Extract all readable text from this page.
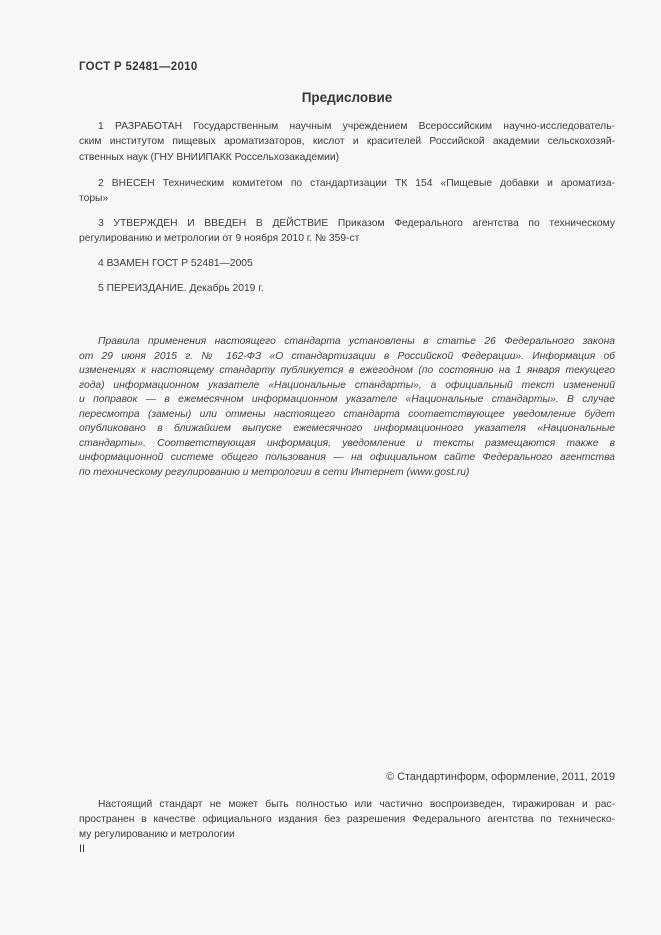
ГОСТ Р 52481—2010
Предисловие
1 РАЗРАБОТАН Государственным научным учреждением Всероссийским научно-исследователь-
ским институтом пищевых ароматизаторов, кислот и красителей Российской академии сельскохозяй-
ственных наук (ГНУ ВНИИПАКК Россельхозакадемии)
2 ВНЕСЕН Техническим комитетом по стандартизации ТК 154 «Пищевые добавки и ароматиза-
торы»
3 УТВЕРЖДЕН И ВВЕДЕН В ДЕЙСТВИЕ Приказом Федерального агентства по техническому
регулированию и метрологии от 9 ноября 2010 г. № 359-ст
4 ВЗАМЕН ГОСТ Р 52481—2005
5 ПЕРЕИЗДАНИЕ. Декабрь 2019 г.
Правила применения настоящего стандарта установлены в статье 26 Федерального закона
от 29 июня 2015 г. № 162-ФЗ «О стандартизации в Российской Федерации». Информация об
изменениях к настоящему стандарту публикуется в ежегодном (по состоянию на 1 января текущего
года) информационном указателе «Национальные стандарты», а официальный текст изменений
и поправок — в ежемесячном информационном указателе «Национальные стандарты». В случае
пересмотра (замены) или отмены настоящего стандарта соответствующее уведомление будет
опубликовано в ближайшем выпуске ежемесячного информационного указателя «Национальные
стандарты». Соответствующая информация, уведомление и тексты размещаются также в
информационной системе общего пользования — на официальном сайте Федерального агентства
по техническому регулированию и метрологии в сети Интернет (www.gost.ru)
© Стандартинформ, оформление, 2011, 2019
Настоящий стандарт не может быть полностью или частично воспроизведен, тиражирован и рас-
пространен в качестве официального издания без разрешения Федерального агентства по техническо-
му регулированию и метрологии
II
